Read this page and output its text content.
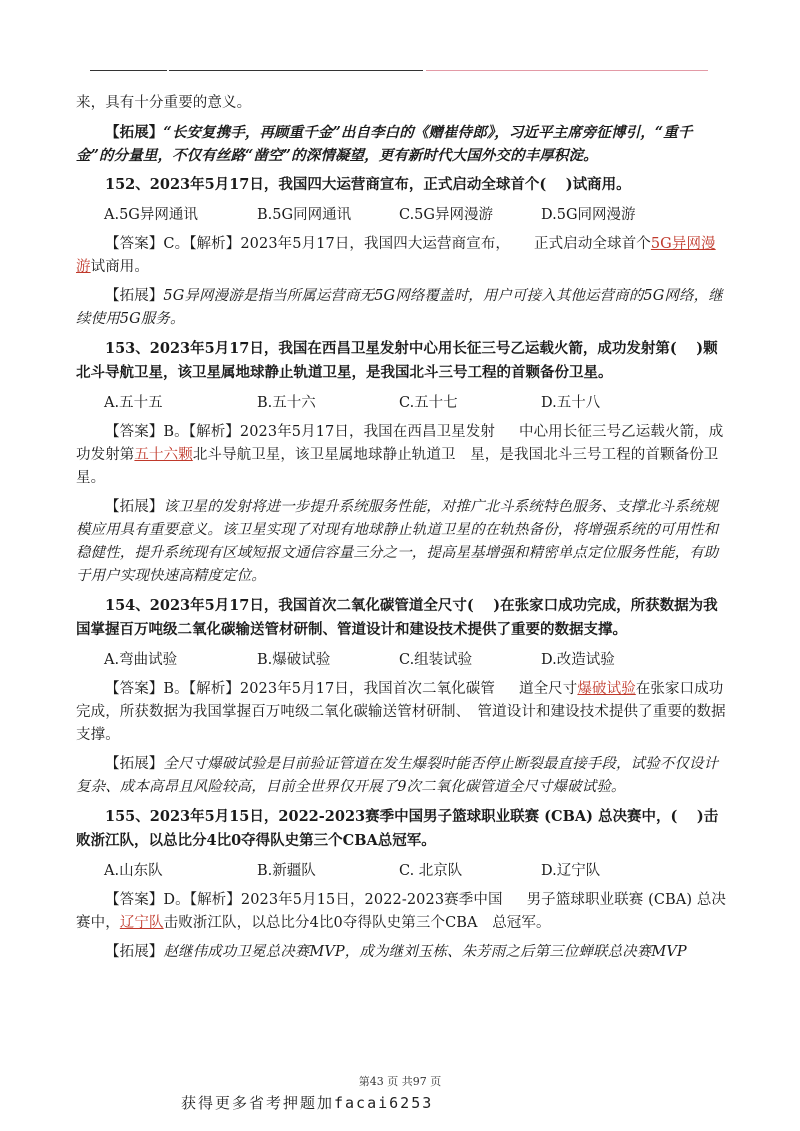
来，具有十分重要的意义。

【拓展】“长安复携手，再顾重千金”出自李白的《赠崔侍郎》，习近平主席旁征博引，“重千金”的分量里，不仅有丝路“凿空”的深情凝望，更有新时代大国外交的丰厚积淀。

152、2023年5月17日，我国四大运营商宣布，正式启动全球首个(　 )试商用。

A.5G异网通讯	B.5G同网通讯	C.5G异网漫游	D.5G同网漫游

【答案】C。【解析】2023年5月17日，我国四大运营商宣布， 正式启动全球首个5G异网漫游试商用。

【拓展】5G异网漫游是指当所属运营商无5G网络覆盖时，用户可接入其他运营商的5G网络，继续使用5G服务。

153、2023年5月17日，我国在西昌卫星发射中心用长征三号乙运载火箭，成功发射第(　 )颗北斗导航卫星，该卫星属地球静止轨道卫星，是我国北斗三号工程的首颗备份卫星。

A.五十五	B.五十六	C.五十七	D.五十八

【答案】B。【解析】2023年5月17日，我国在西昌卫星发射 中心用长征三号乙运载火箭，成功发射第五十六颗北斗导航卫星，该卫星属地球静止轨道卫　星，是我国北斗三号工程的首颗备份卫星。

【拓展】该卫星的发射将进一步提升系统服务性能，对推广北斗系统特色服务、支撑北斗系统规模应用具有重要意义。该卫星实现了对现有地球静止轨道卫星的在轨热备份，将增强系统的可用性和稳健性，提升系统现有区域短报文通信容量三分之一，提高星基增强和精密单点定位服务性能，有助于用户实现快速高精度定位。

154、2023年5月17日，我国首次二氧化碳管道全尺寸(　 )在张家口成功完成，所获数据为我国掌握百万吨级二氧化碳输送管材研制、管道设计和建设技术提供了重要的数据支撑。

A.弯曲试验	B.爆破试验	C.组装试验	D.改造试验

【答案】B。【解析】2023年5月17日，我国首次二氧化碳管 道全尺寸爆破试验在张家口成功完成，所获数据为我国掌握百万吨级二氧化碳输送管材研制、　管道设计和建设技术提供了重要的数据支撑。

【拓展】全尺寸爆破试验是目前验证管道在发生爆裂时能否停止断裂最直接手段，试验不仅设计复杂、成本高昂且风险较高，目前全世界仅开展了9次二氧化碳管道全尺寸爆破试验。

155、2023年5月15日，2022-2023赛季中国男子篮球职业联赛 (CBA) 总决赛中，(　 )击败浙江队，以总比分4比0夺得队史第三个CBA总冠军。

A.山东队	B.新疆队	C. 北京队	D.辽宁队

【答案】D。【解析】2023年5月15日，2022-2023赛季中国 男子篮球职业联赛 (CBA) 总决赛中，辽宁队击败浙江队，以总比分4比0夺得队史第三个CBA　总冠军。

【拓展】赵继伟成功卫冕总决赛MVP，成为继刘玉栋、朱芳雨之后第三位蝉联总决赛MVP

第43 页 共97 页
获得更多省考押题加facai6253
